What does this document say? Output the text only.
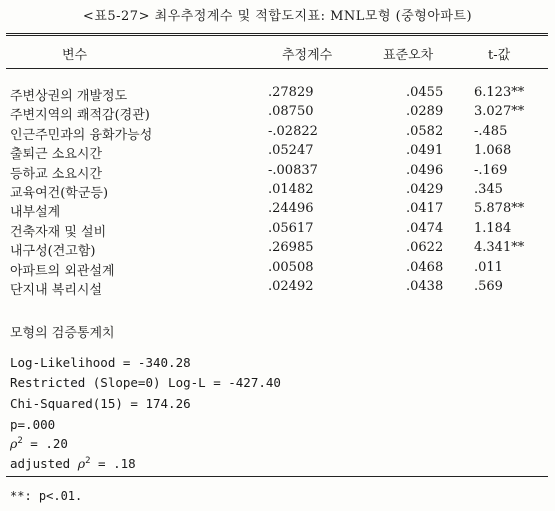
<표5-27> 최우추정계수 및 적합도지표: MNL모형 (중형아파트)
변수	추정계수	표준오차	t-값
주변상권의 개발정도	.27829	.0455 6.123**
주변지역의 쾌적감(경관)	.08750	.0289 3.027**
인근주민과의 융화가능성	-.02822	.0582 -.485
출퇴근 소요시간	.05247	.0491 1.068
등하교 소요시간	-.00837	.0496 -.169
교육여건(학군등)	.01482	.0429 .345
내부설계	.24496	.0417 5.878**
건축자재 및 설비	.05617	.0474 1.184
내구성(견고함)	.26985	.0622 4.341**
아파트의 외관설계	.00508	.0468 .011
단지내 복리시설	.02492	.0438 .569
모형의 검증통계치
Log-Likelihood = -340.28
Restricted (Slope=0) Log-L = -427.40
Chi-Squared(15) = 174.26
p=.000
$\rho^2 = .20$
adjusted $\rho^2 = .18$
**: p<.01.
